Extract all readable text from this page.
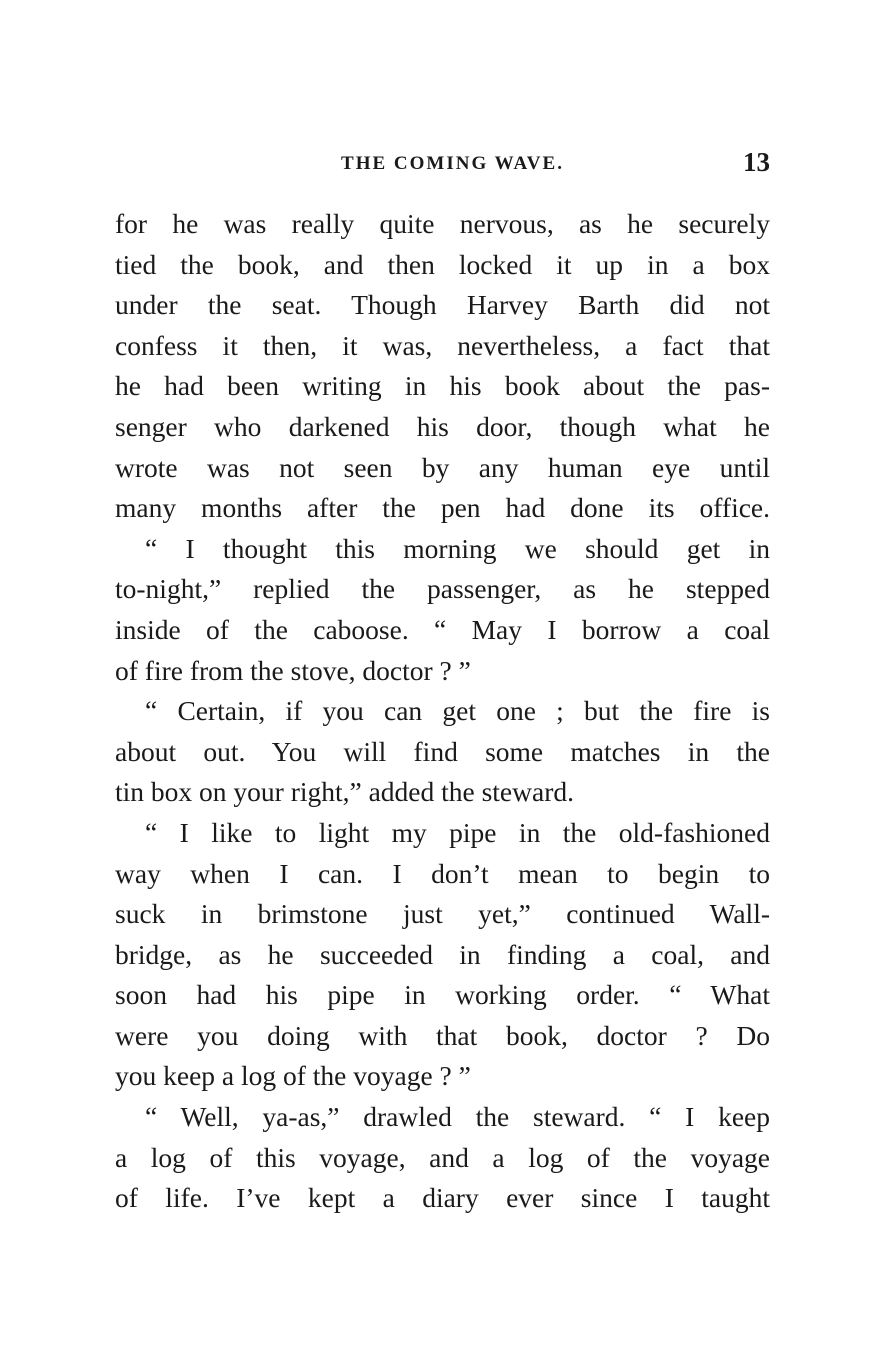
THE COMING WAVE.	13
for he was really quite nervous, as he securely
tied the book, and then locked it up in a box
under the seat. Though Harvey Barth did not
confess it then, it was, nevertheless, a fact that
he had been writing in his book about the pas-
senger who darkened his door, though what he
wrote was not seen by any human eye until
many months after the pen had done its office.
“ I thought this morning we should get in
to-night,” replied the passenger, as he stepped
inside of the caboose. “ May I borrow a coal
of fire from the stove, doctor ? ”
“ Certain, if you can get one ; but the fire is
about out. You will find some matches in the
tin box on your right,” added the steward.
“ I like to light my pipe in the old-fashioned
way when I can. I don’t mean to begin to
suck in brimstone just yet,” continued Wall-
bridge, as he succeeded in finding a coal, and
soon had his pipe in working order. “ What
were you doing with that book, doctor ? Do
you keep a log of the voyage ? ”
“ Well, ya-as,” drawled the steward. “ I keep
a log of this voyage, and a log of the voyage
of life. I’ve kept a diary ever since I taught
